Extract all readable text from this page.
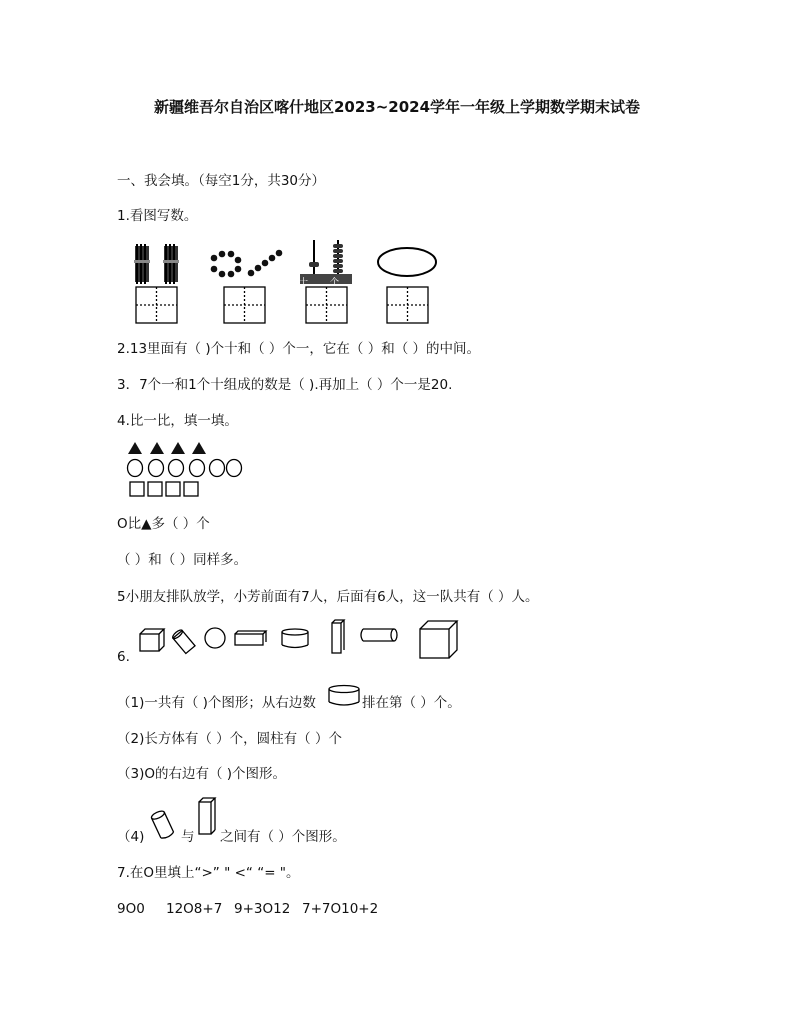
新疆维吾尔自治区喀什地区2023~2024学年一年级上学期数学期末试卷
一、我会填。（每空1分，共30分）
1.看图写数。
十 个
2.13里面有（ )个十和（ ）个一，它在（ ）和（ ）的中间。
3．7个一和1个十组成的数是（ ).再加上（ ）个一是20.
4.比一比，填一填。
O比▲多（ ）个
（ ）和（ ）同样多。
5小朋友排队放学，小芳前面有7人，后面有6人，这一队共有（ ）人。
6.
（1)一共有（ )个图形；从右边数	排在第（ ）个。
（2)长方体有（ ）个，圆柱有（ ）个
（3)O的右边有（ )个图形。
（4)	与 之间有（ ）个图形。
7.在O里填上“>” " <“ “= "。
9O0 12O8+7 9+3O12 7+7O10+2
